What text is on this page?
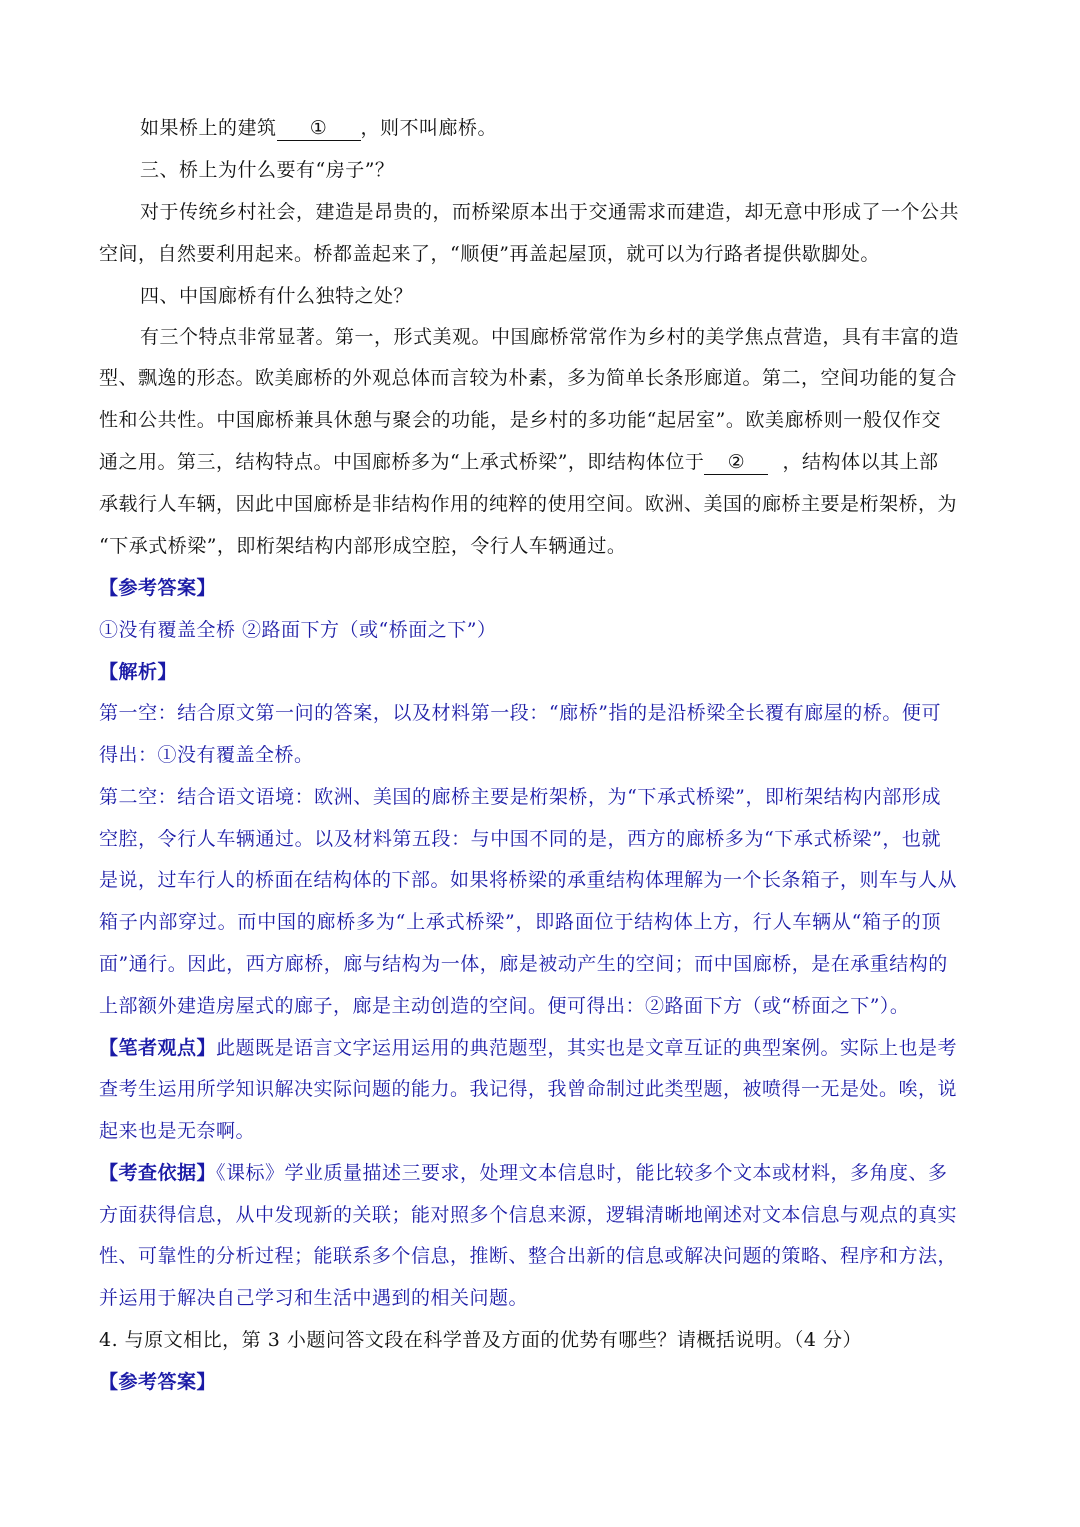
如果桥上的建筑 ① ，则不叫廊桥。
三、桥上为什么要有“房子”？
对于传统乡村社会，建造是昂贵的，而桥梁原本出于交通需求而建造，却无意中形成了一个公共
空间，自然要利用起来。桥都盖起来了，“顺便”再盖起屋顶，就可以为行路者提供歇脚处。
四、中国廊桥有什么独特之处？
有三个特点非常显著。第一，形式美观。中国廊桥常常作为乡村的美学焦点营造，具有丰富的造
型、飘逸的形态。欧美廊桥的外观总体而言较为朴素，多为简单长条形廊道。第二，空间功能的复合
性和公共性。中国廊桥兼具休憩与聚会的功能，是乡村的多功能“起居室”。欧美廊桥则一般仅作交
通之用。第三，结构特点。中国廊桥多为“上承式桥梁”，即结构体位于 ② ，结构体以其上部
承载行人车辆，因此中国廊桥是非结构作用的纯粹的使用空间。欧洲、美国的廊桥主要是桁架桥，为
“下承式桥梁”，即桁架结构内部形成空腔，令行人车辆通过。
【参考答案】
①没有覆盖全桥 ②路面下方（或“桥面之下”）
【解析】
第一空：结合原文第一问的答案，以及材料第一段：“廊桥”指的是沿桥梁全长覆有廊屋的桥。便可
得出：①没有覆盖全桥。
第二空：结合语文语境：欧洲、美国的廊桥主要是桁架桥，为“下承式桥梁”，即桁架结构内部形成
空腔，令行人车辆通过。以及材料第五段：与中国不同的是，西方的廊桥多为“下承式桥梁”，也就
是说，过车行人的桥面在结构体的下部。如果将桥梁的承重结构体理解为一个长条箱子，则车与人从
箱子内部穿过。而中国的廊桥多为“上承式桥梁”，即路面位于结构体上方，行人车辆从“箱子的顶
面”通行。因此，西方廊桥，廊与结构为一体，廊是被动产生的空间；而中国廊桥，是在承重结构的
上部额外建造房屋式的廊子，廊是主动创造的空间。便可得出：②路面下方（或“桥面之下”）。
【笔者观点】此题既是语言文字运用运用的典范题型，其实也是文章互证的典型案例。实际上也是考
查考生运用所学知识解决实际问题的能力。我记得，我曾命制过此类型题，被喷得一无是处。唉，说
起来也是无奈啊。
【考查依据】《课标》学业质量描述三要求，处理文本信息时，能比较多个文本或材料，多角度、多
方面获得信息，从中发现新的关联；能对照多个信息来源，逻辑清晰地阐述对文本信息与观点的真实
性、可靠性的分析过程；能联系多个信息，推断、整合出新的信息或解决问题的策略、程序和方法，
并运用于解决自己学习和生活中遇到的相关问题。
4. 与原文相比，第 3 小题问答文段在科学普及方面的优势有哪些？请概括说明。（4 分）
【参考答案】
